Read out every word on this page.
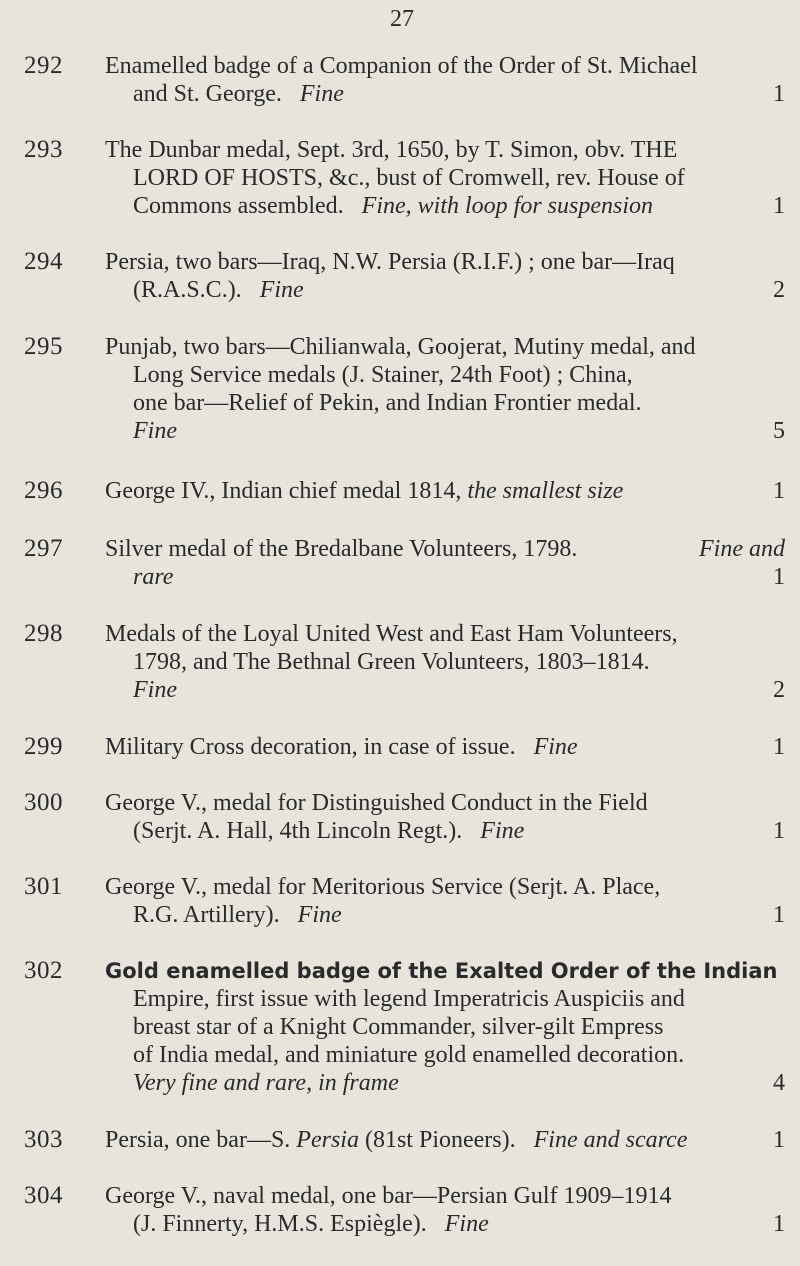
27
292 Enamelled badge of a Companion of the Order of St. Michael
and St. George. Fine	1
293 The Dunbar medal, Sept. 3rd, 1650, by T. Simon, obv. THE
LORD OF HOSTS, &c., bust of Cromwell, rev. House of
Commons assembled. Fine, with loop for suspension	1
294 Persia, two bars—Iraq, N.W. Persia (R.I.F.) ; one bar—Iraq
(R.A.S.C.). Fine	2
295 Punjab, two bars—Chilianwala, Goojerat, Mutiny medal, and
Long Service medals (J. Stainer, 24th Foot) ; China,
one bar—Relief of Pekin, and Indian Frontier medal.
Fine	5
296 George IV., Indian chief medal 1814, the smallest size	1
297 Silver medal of the Bredalbane Volunteers, 1798.	Fine and
rare	1
298 Medals of the Loyal United West and East Ham Volunteers,
1798, and The Bethnal Green Volunteers, 1803–1814.
Fine	2
299 Military Cross decoration, in case of issue. Fine	1
300 George V., medal for Distinguished Conduct in the Field
(Serjt. A. Hall, 4th Lincoln Regt.). Fine	1
301 George V., medal for Meritorious Service (Serjt. A. Place,
R.G. Artillery). Fine	1
302 Gold enamelled badge of the Exalted Order of the Indian
Empire, first issue with legend Imperatricis Auspiciis and
breast star of a Knight Commander, silver-gilt Empress
of India medal, and miniature gold enamelled decoration.
Very fine and rare, in frame	4
303 Persia, one bar—S. Persia (81st Pioneers). Fine and scarce	1
304 George V., naval medal, one bar—Persian Gulf 1909–1914
(J. Finnerty, H.M.S. Espiègle). Fine	1
